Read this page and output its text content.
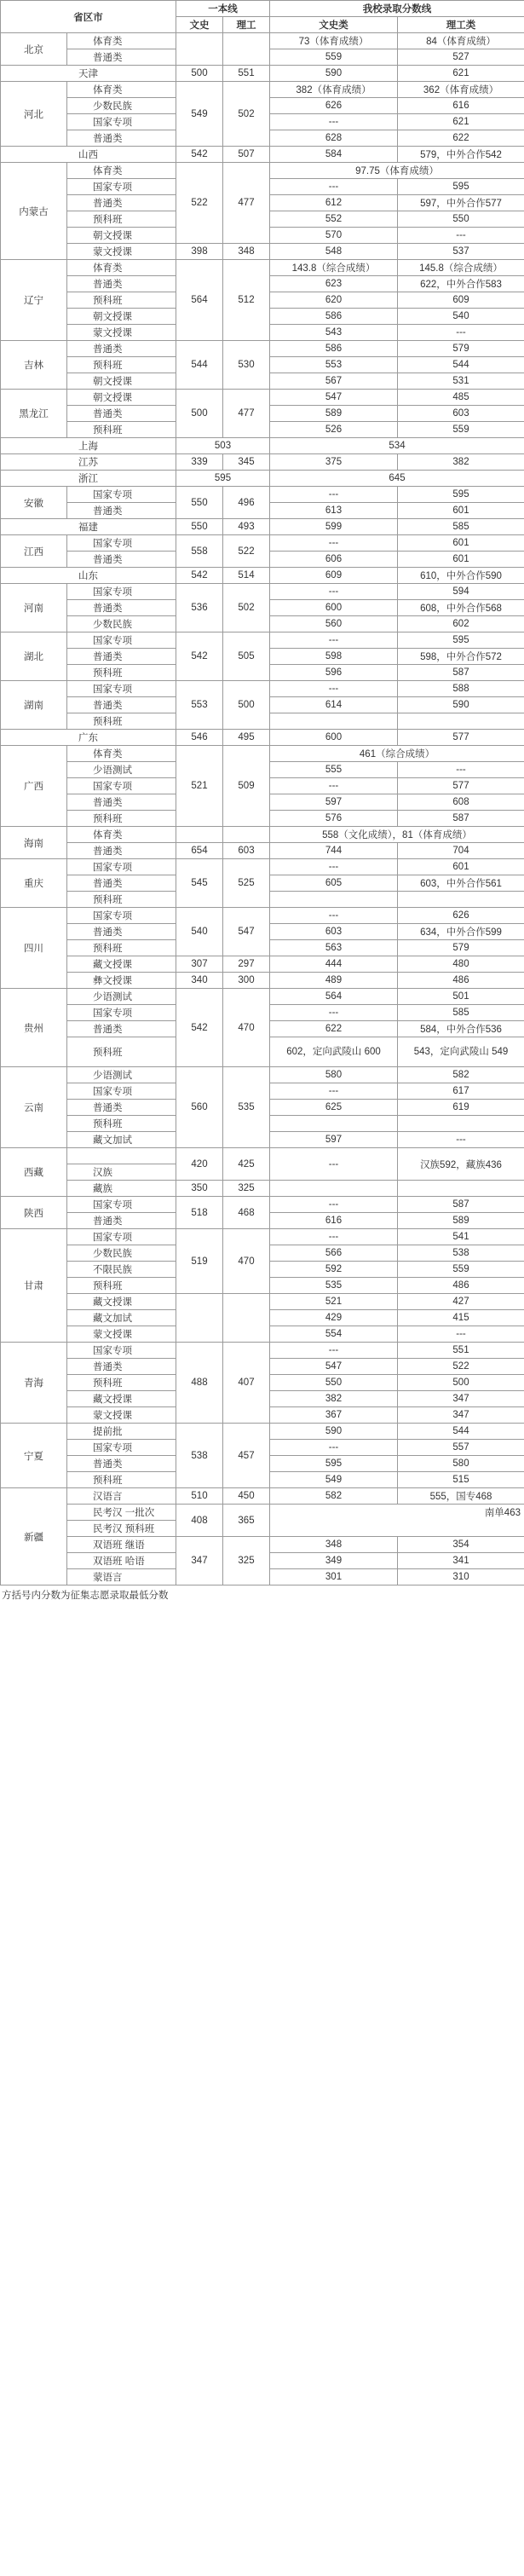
省区市		一本线		我校录取分数线		
		文史	理工	文史类	理工类	
北京	体育类			73（体育成绩）	84（体育成绩）	
	普通类			559	527		
天津		500	551	590	621	
河北	体育类	549	502	382（体育成绩）	362（体育成绩）	
	少数民族			626	616	
	国家专项			---	621	
	普通类			628	622	
山西		542	507	584	579，中外合作542	
内蒙古	体育类	522	477	97.75（体育成绩）		
	国家专项			---	595	
	普通类			612	597，中外合作577	
	预科班			552	550	
	朝文授课			570	---	
	蒙文授课	398	348	548	537	
辽宁	体育类	564	512	143.8（综合成绩）	145.8（综合成绩）	
	普通类			623	622，中外合作583	
	预科班			620	609	
	朝文授课			586	540	
	蒙文授课			543	---	
吉林	普通类	544	530	586	579	
	预科班			553	544	
	朝文授课			567	531	
黑龙江	朝文授课	500	477	547	485	
	普通类			589	603	
	预科班			526	559	
上海		503		534		
江苏		339	345	375	382	
浙江		595		645		
安徽	国家专项	550	496	---	595	
	普通类			613	601	
福建		550	493	599	585	
江西	国家专项	558	522	---	601	
	普通类			606	601	
山东		542	514	609	610，中外合作590	
河南	国家专项	536	502	---	594	
	普通类			600	608，中外合作568	
	少数民族			560	602	
湖北	国家专项	542	505	---	595	
	普通类			598	598，中外合作572	
	预科班			596	587	
湖南	国家专项	553	500	---	588	
	普通类			614	590	
	预科班					
广东		546	495	600	577	
广西	体育类	521	509	461（综合成绩）		
	少语测试			555	---	
	国家专项			---	577	
	普通类			597	608	
	预科班			576	587	
海南	体育类			558（文化成绩），81（体育成绩）		
	普通类	654	603	744	704	
重庆	国家专项	545	525	---	601	
	普通类			605	603，中外合作561	
	预科班					
四川	国家专项	540	547	---	626	
	普通类			603	634，中外合作599	
	预科班			563	579	
	藏文授课	307	297	444	480	
	彝文授课	340	300	489	486	
贵州	少语测试	542	470	564	501	
	国家专项			---	585	
	普通类			622	584，中外合作536	
	预科班			602，定向武陵山 600	543，定向武陵山 549	
云南	少语测试	560	535	580	582	
	国家专项			---	617	
	普通类			625	619	
	预科班					
	藏文加试			597	---	
西藏		420	425	---	汉族592，藏族436	
	汉族					
	藏族	350	325			
陕西	国家专项	518	468	---	587	
	普通类			616	589	
甘肃	国家专项	519	470	---	541	
	少数民族			566	538	
	不限民族			592	559	
	预科班			535	486	
	藏文授课			521	427	
	藏文加试			429	415	
	蒙文授课			554	---	
青海	国家专项	488	407	---	551	
	普通类			547	522	
	预科班			550	500	
	藏文授课			382	347	
	蒙文授课			367	347	
宁夏	提前批	538	457	590	544	
	国家专项			---	557	
	普通类			595	580	
	预科班			549	515	
新疆	汉语言	510	450	582	555，国专468	
	民考汉 一批次	408	365	南单463		
	民考汉 预科班					
	双语班 继语	347	325	348	354	
	双语班 哈语			349	341	
	蒙语言			301	310	
方括号内分数为征集志愿录取最低分数
